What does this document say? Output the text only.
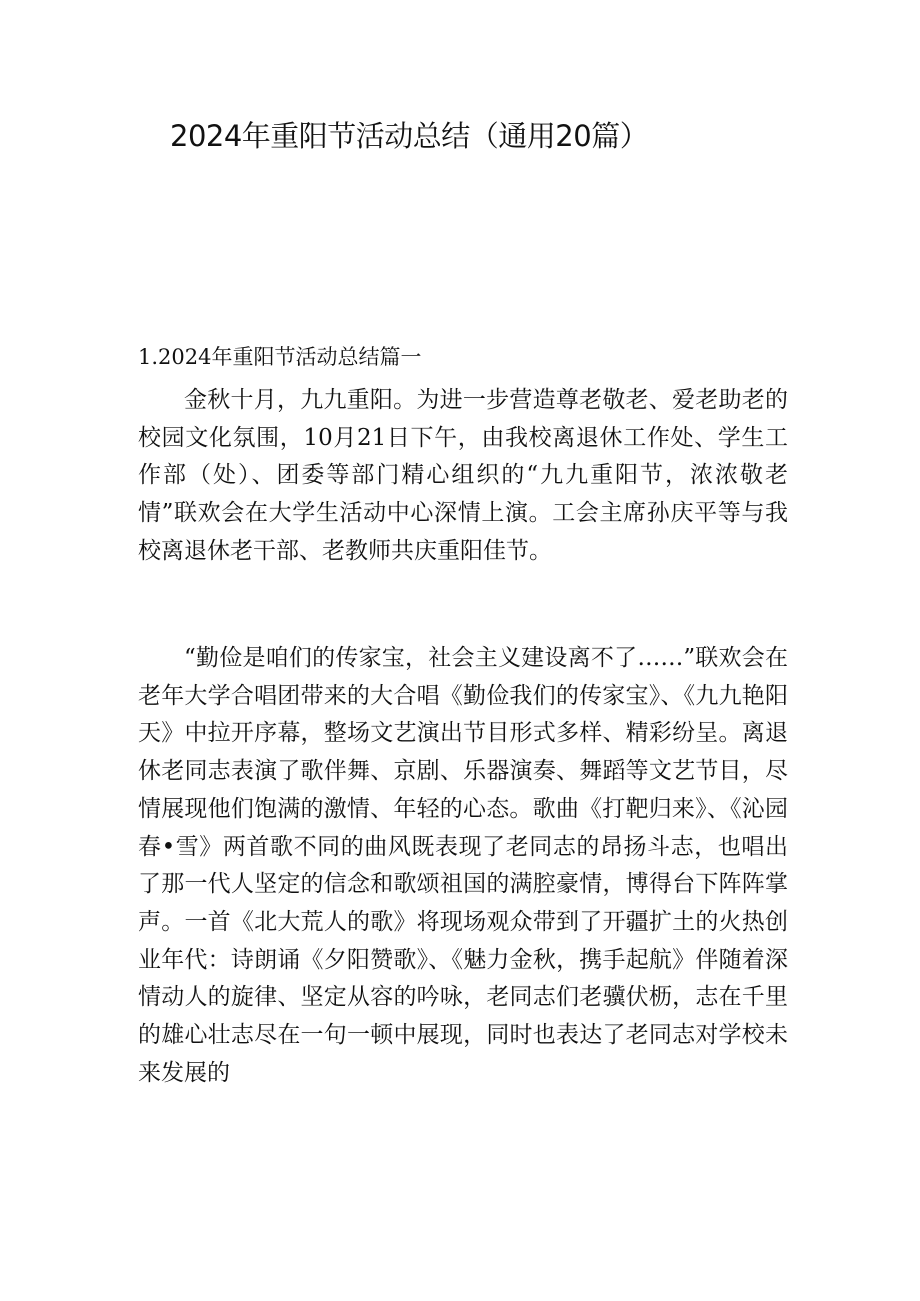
2024年重阳节活动总结（通用20篇）
1.2024年重阳节活动总结篇一

金秋十月，九九重阳。为进一步营造尊老敬老、爱老助老的校园文化氛围，10月21日下午，由我校离退休工作处、学生工作部（处）、团委等部门精心组织的“九九重阳节，浓浓敬老情”联欢会在大学生活动中心深情上演。工会主席孙庆平等与我校离退休老干部、老教师共庆重阳佳节。

“勤俭是咱们的传家宝，社会主义建设离不了……”联欢会在老年大学合唱团带来的大合唱《勤俭我们的传家宝》、《九九艳阳天》中拉开序幕，整场文艺演出节目形式多样、精彩纷呈。离退休老同志表演了歌伴舞、京剧、乐器演奏、舞蹈等文艺节目，尽情展现他们饱满的激情、年轻的心态。歌曲《打靶归来》、《沁园春•雪》两首歌不同的曲风既表现了老同志的昂扬斗志，也唱出了那一代人坚定的信念和歌颂祖国的满腔豪情，博得台下阵阵掌声。一首《北大荒人的歌》将现场观众带到了开疆扩土的火热创业年代：诗朗诵《夕阳赞歌》、《魅力金秋，携手起航》伴随着深情动人的旋律、坚定从容的吟咏，老同志们老骥伏枥，志在千里的雄心壮志尽在一句一顿中展现，同时也表达了老同志对学校未来发展的
